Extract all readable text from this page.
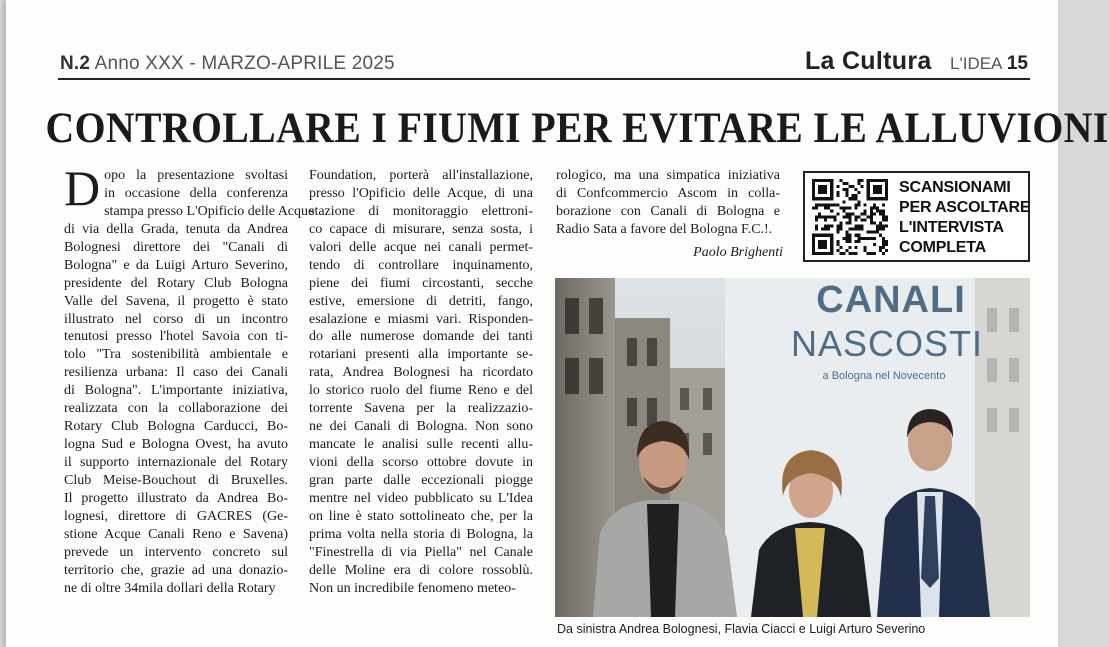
N.2 Anno XXX - MARZO-APRILE 2025	La Cultura L'IDEA 15
CONTROLLARE I FIUMI PER EVITARE LE ALLUVIONI
D opo la presentazione svoltasi
in occasione della conferenza
stampa presso L'Opificio delle Acque
di via della Grada, tenuta da Andrea
Bolognesi direttore dei "Canali di
Bologna" e da Luigi Arturo Severino,
presidente del Rotary Club Bologna
Valle del Savena, il progetto è stato
illustrato nel corso di un incontro
tenutosi presso l'hotel Savoia con ti-
tolo "Tra sostenibilità ambientale e
resilienza urbana: Il caso dei Canali
di Bologna". L'importante iniziativa,
realizzata con la collaborazione dei
Rotary Club Bologna Carducci, Bo-
logna Sud e Bologna Ovest, ha avuto
il supporto internazionale del Rotary
Club Meise-Bouchout di Bruxelles.
Il progetto illustrato da Andrea Bo-
lognesi, direttore di GACRES (Ge-
stione Acque Canali Reno e Savena)
prevede un intervento concreto sul
territorio che, grazie ad una donazio-
ne di oltre 34mila dollari della Rotary
Foundation, porterà all'installazione,
presso l'Opificio delle Acque, di una
stazione di monitoraggio elettroni-
co capace di misurare, senza sosta, i
valori delle acque nei canali permet-
tendo di controllare inquinamento,
piene dei fiumi circostanti, secche
estive, emersione di detriti, fango,
esalazione e miasmi vari. Risponden-
do alle numerose domande dei tanti
rotariani presenti alla importante se-
rata, Andrea Bolognesi ha ricordato
lo storico ruolo del fiume Reno e del
torrente Savena per la realizzazio-
ne dei Canali di Bologna. Non sono
mancate le analisi sulle recenti allu-
vioni della scorso ottobre dovute in
gran parte dalle eccezionali piogge
mentre nel video pubblicato su L'Idea
on line è stato sottolineato che, per la
prima volta nella storia di Bologna, la
"Finestrella di via Piella" nel Canale
delle Moline era di colore rossoblù.
Non un incredibile fenomeno meteo-
rologico, ma una simpatica iniziativa
di Confcommercio Ascom in colla-
borazione con Canali di Bologna e
Radio Sata a favore del Bologna F.C.!.
Paolo Brighenti
SCANSIONAMI
PER ASCOLTARE
L'INTERVISTA
COMPLETA
CANALI
NASCOSTI
a Bologna nel Novecento
Da sinistra Andrea Bolognesi, Flavia Ciacci e Luigi Arturo Severino
